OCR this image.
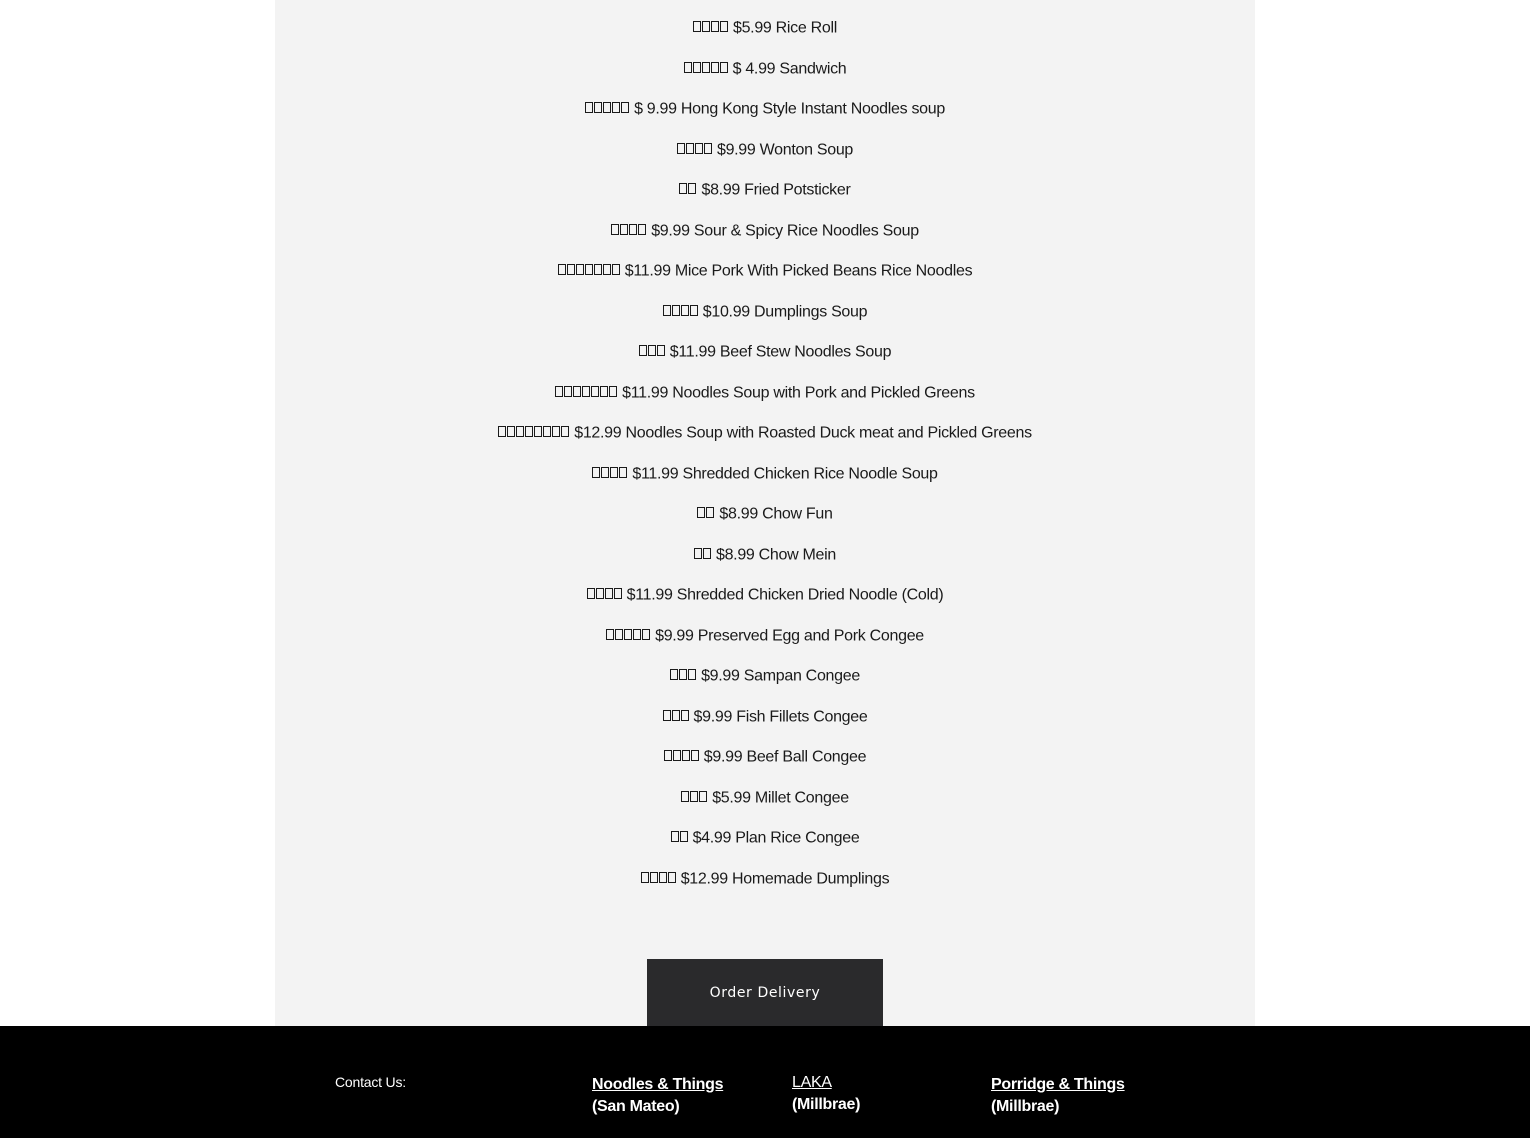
$5.99 Rice Roll
$ 4.99 Sandwich
$ 9.99 Hong Kong Style Instant Noodles soup
$9.99 Wonton Soup
$8.99 Fried Potsticker
$9.99 Sour & Spicy Rice Noodles Soup
$11.99 Mice Pork With Picked Beans Rice Noodles
$10.99 Dumplings Soup
$11.99 Beef Stew Noodles Soup
$11.99 Noodles Soup with Pork and Pickled Greens
$12.99 Noodles Soup with Roasted Duck meat and Pickled Greens
$11.99 Shredded Chicken Rice Noodle Soup
$8.99 Chow Fun
$8.99 Chow Mein
$11.99 Shredded Chicken Dried Noodle (Cold)
$9.99 Preserved Egg and Pork Congee
$9.99 Sampan Congee
$9.99 Fish Fillets Congee
$9.99 Beef Ball Congee
$5.99 Millet Congee
$4.99 Plan Rice Congee
$12.99 Homemade Dumplings
Order Delivery
Contact Us:	Noodles & Things
(San Mateo)
LAKA
(Millbrae)
Porridge & Things
(Millbrae)
